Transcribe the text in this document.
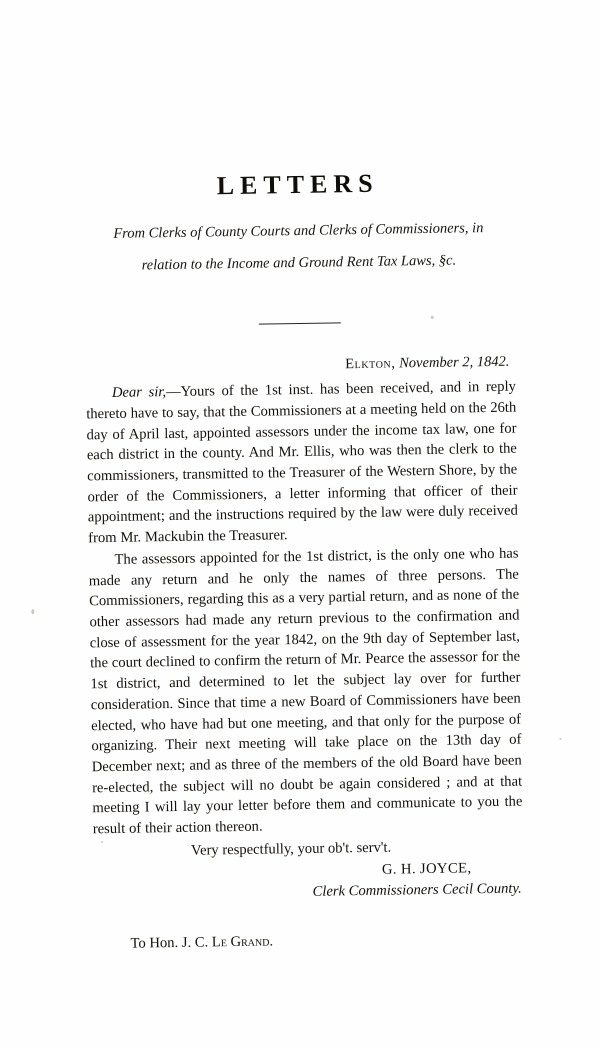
LETTERS
From Clerks of County Courts and Clerks of Commissioners, in
relation to the Income and Ground Rent Tax Laws, §c.
Elkton, November 2, 1842.

Dear sir,—Yours of the 1st inst. has been received, and in reply thereto have to say, that the Commissioners at a meeting held on the 26th day of April last, appointed assessors under the income tax law, one for each district in the county. And Mr. Ellis, who was then the clerk to the commissioners, transmitted to the Treasurer of the Western Shore, by the order of the Commissioners, a letter informing that officer of their appointment; and the instructions required by the law were duly received from Mr. Mackubin the Treasurer.

The assessors appointed for the 1st district, is the only one who has made any return and he only the names of three persons. The Commissioners, regarding this as a very partial return, and as none of the other assessors had made any return previous to the confirmation and close of assessment for the year 1842, on the 9th day of September last, the court declined to confirm the return of Mr. Pearce the assessor for the 1st district, and determined to let the subject lay over for further consideration. Since that time a new Board of Commissioners have been elected, who have had but one meeting, and that only for the purpose of organizing. Their next meeting will take place on the 13th day of December next; and as three of the members of the old Board have been re-elected, the subject will no doubt be again considered ; and at that meeting I will lay your letter before them and communicate to you the result of their action thereon.

Very respectfully, your ob't. serv't.
G. H. JOYCE,
Clerk Commissioners Cecil County.
To Hon. J. C. Le Grand.
